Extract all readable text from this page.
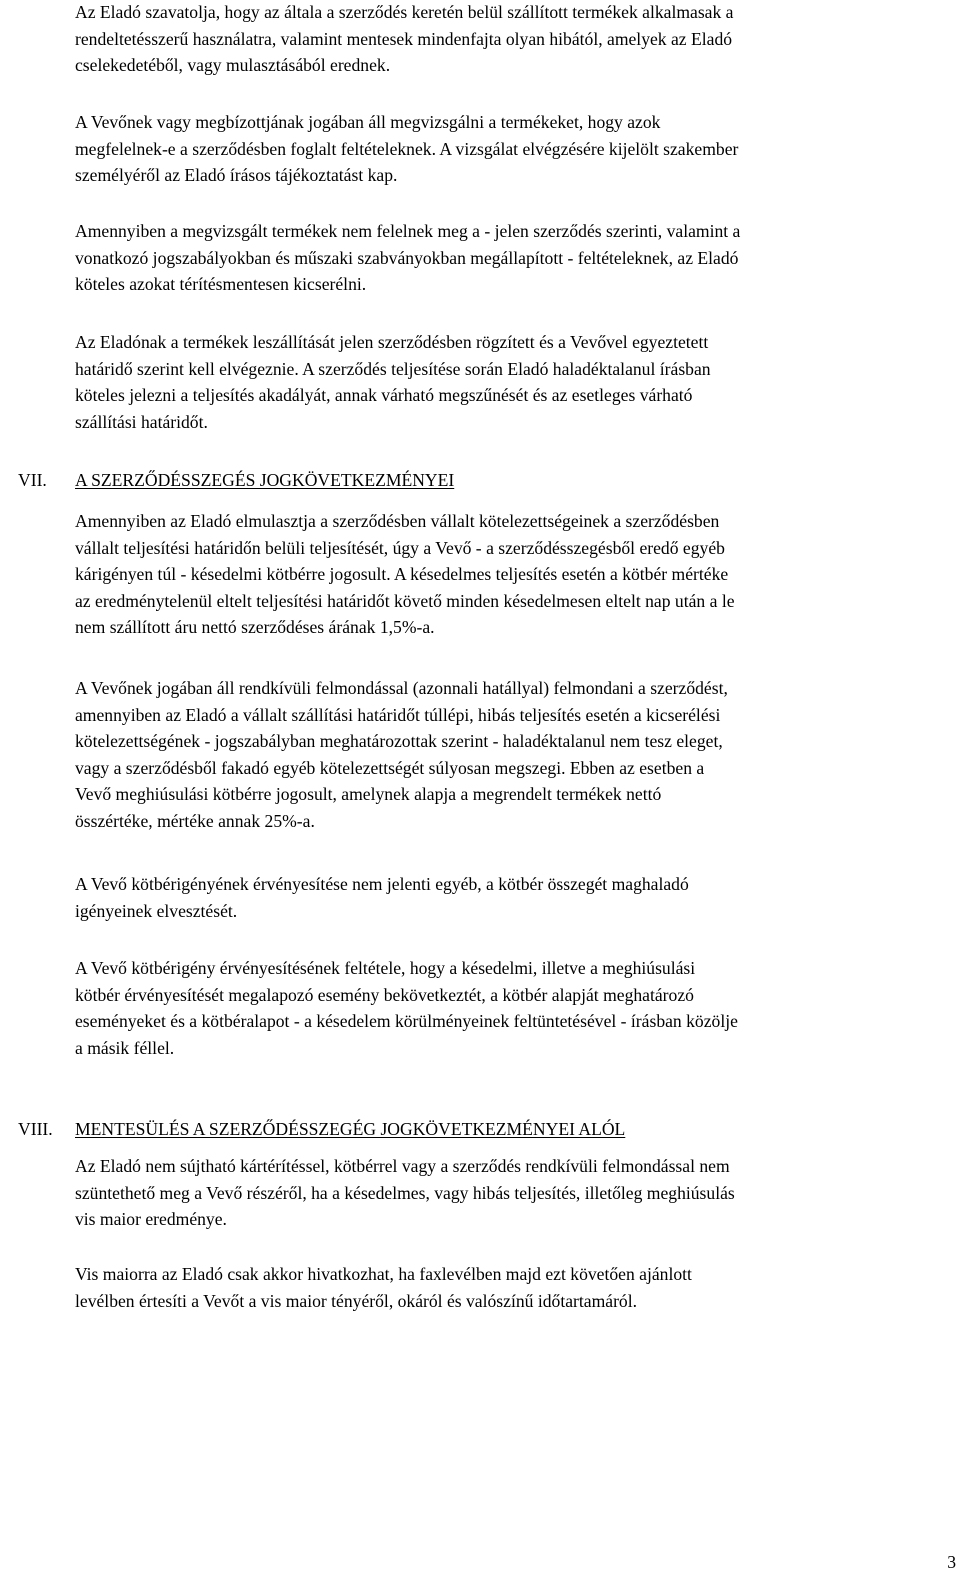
Az Eladó szavatolja, hogy az általa a szerződés keretén belül szállított termékek alkalmasak a
rendeltetésszerű használatra, valamint mentesek mindenfajta olyan hibától, amelyek az Eladó
cselekedetéből, vagy mulasztásából erednek.

A Vevőnek vagy megbízottjának jogában áll megvizsgálni a termékeket, hogy azok
megfelelnek-e a szerződésben foglalt feltételeknek. A vizsgálat elvégzésére kijelölt szakember
személyéről az Eladó írásos tájékoztatást kap.

Amennyiben a megvizsgált termékek nem felelnek meg a - jelen szerződés szerinti, valamint a
vonatkozó jogszabályokban és műszaki szabványokban megállapított - feltételeknek, az Eladó
köteles azokat térítésmentesen kicserélni.

Az Eladónak a termékek leszállítását jelen szerződésben rögzített és a Vevővel egyeztetett
határidő szerint kell elvégeznie. A szerződés teljesítése során Eladó haladéktalanul írásban
köteles jelezni a teljesítés akadályát, annak várható megszűnését és az esetleges várható
szállítási határidőt.

VII. A SZERZŐDÉSSZEGÉS JOGKÖVETKEZMÉNYEI

Amennyiben az Eladó elmulasztja a szerződésben vállalt kötelezettségeinek a szerződésben
vállalt teljesítési határidőn belüli teljesítését, úgy a Vevő - a szerződésszegésből eredő egyéb
kárigényen túl - késedelmi kötbérre jogosult. A késedelmes teljesítés esetén a kötbér mértéke
az eredménytelenül eltelt teljesítési határidőt követő minden késedelmesen eltelt nap után a le
nem szállított áru nettó szerződéses árának 1,5%-a.

A Vevőnek jogában áll rendkívüli felmondással (azonnali hatállyal) felmondani a szerződést,
amennyiben az Eladó a vállalt szállítási határidőt túllépi, hibás teljesítés esetén a kicserélési
kötelezettségének - jogszabályban meghatározottak szerint - haladéktalanul nem tesz eleget,
vagy a szerződésből fakadó egyéb kötelezettségét súlyosan megszegi. Ebben az esetben a
Vevő meghiúsulási kötbérre jogosult, amelynek alapja a megrendelt termékek nettó
összértéke, mértéke annak 25%-a.

A Vevő kötbérigényének érvényesítése nem jelenti egyéb, a kötbér összegét maghaladó
igényeinek elvesztését.

A Vevő kötbérigény érvényesítésének feltétele, hogy a késedelmi, illetve a meghiúsulási
kötbér érvényesítését megalapozó esemény bekövetkeztét, a kötbér alapját meghatározó
eseményeket és a kötbéralapot - a késedelem körülményeinek feltüntetésével - írásban közölje
a másik féllel.

VIII. MENTESÜLÉS A SZERZŐDÉSSZEGÉG JOGKÖVETKEZMÉNYEI ALÓL

Az Eladó nem sújtható kártérítéssel, kötbérrel vagy a szerződés rendkívüli felmondással nem
szüntethető meg a Vevő részéről, ha a késedelmes, vagy hibás teljesítés, illetőleg meghiúsulás
vis maior eredménye.

Vis maiorra az Eladó csak akkor hivatkozhat, ha faxlevélben majd ezt követően ajánlott
levélben értesíti a Vevőt a vis maior tényéről, okáról és valószínű időtartamáról.

3
